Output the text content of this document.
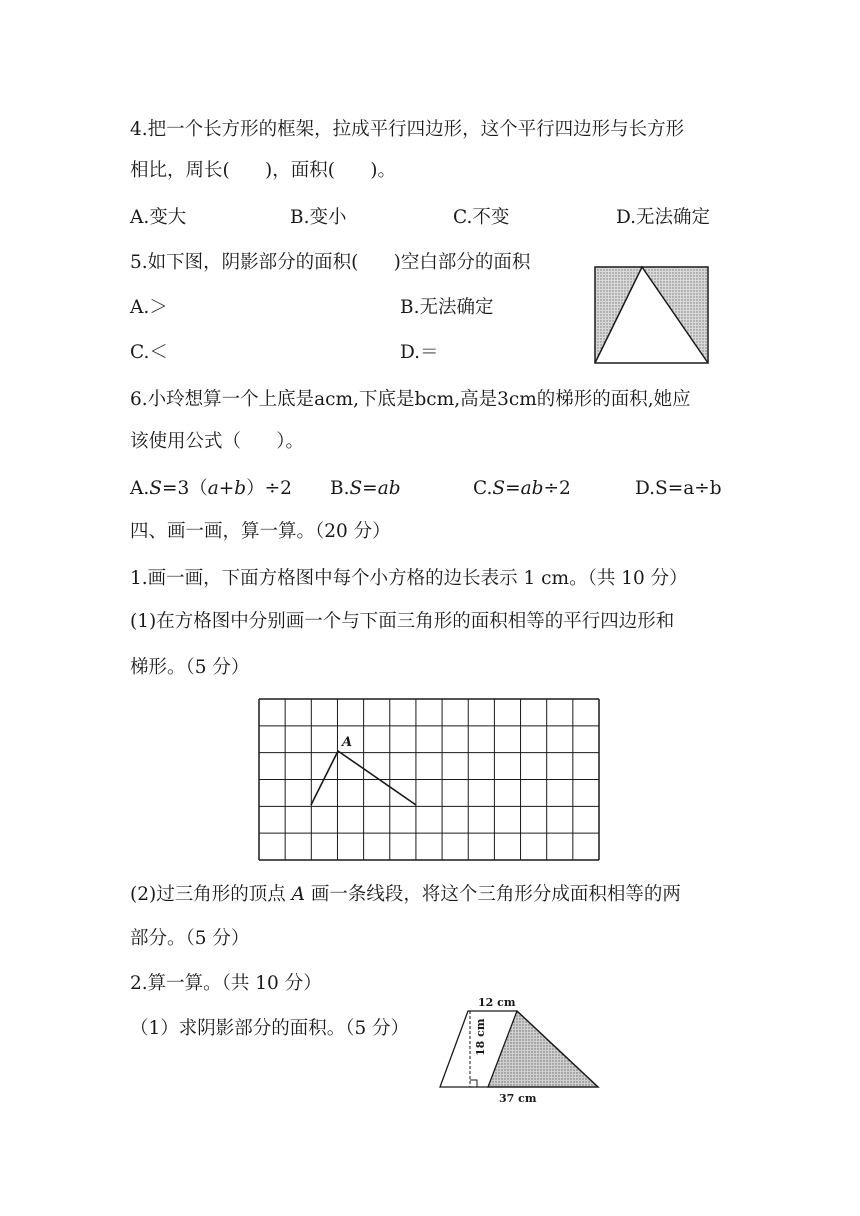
4.把一个长方形的框架，拉成平行四边形，这个平行四边形与长方形
相比，周长(      )，面积(      )。
A.变大	B.变小	C.不变	D.无法确定
5.如下图，阴影部分的面积(      )空白部分的面积
A.＞	B.无法确定
C.＜	D.＝
6.小玲想算一个上底是acm,下底是bcm,高是3cm的梯形的面积,她应
该使用公式（      ）。
A.S=3（a+b）÷2 B.S=ab	C.S=ab÷2	D.S=a÷b
四、画一画，算一算。（20 分）
1.画一画，下面方格图中每个小方格的边长表示 1 cm。（共 10 分）
(1)在方格图中分别画一个与下面三角形的面积相等的平行四边形和
梯形。（5 分）
A
(2)过三角形的顶点 A 画一条线段，将这个三角形分成面积相等的两
部分。（5 分）
2.算一算。（共 10 分）
（1）求阴影部分的面积。（5 分）
12 cm
18 cm
37 cm
